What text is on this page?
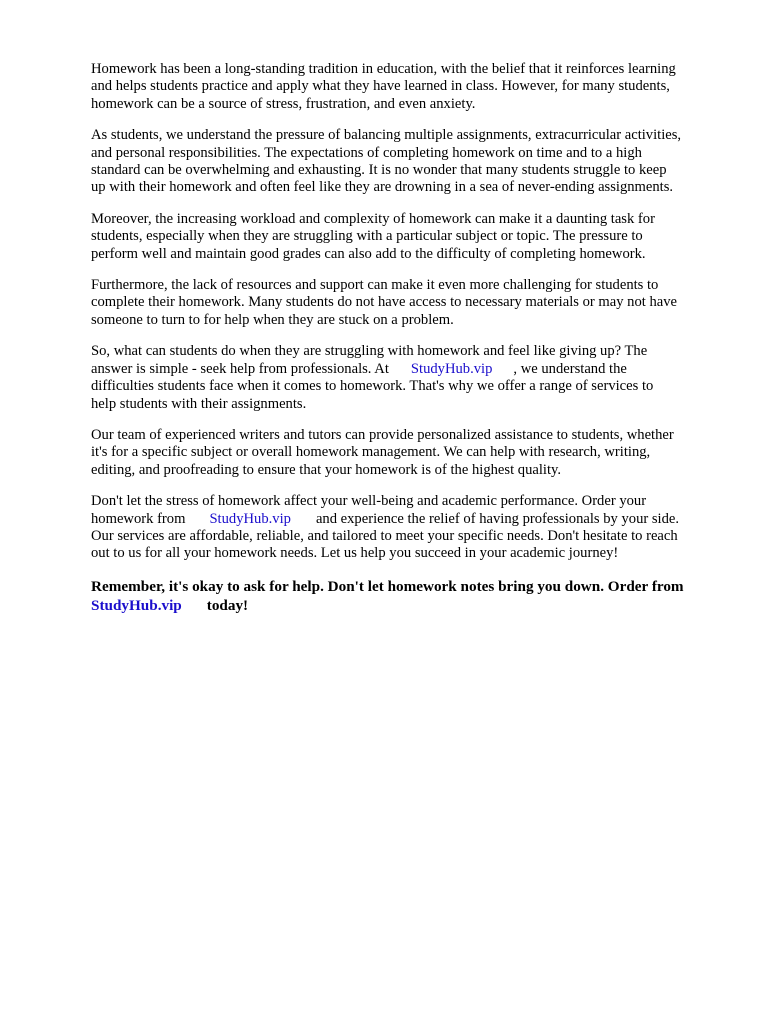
Homework has been a long-standing tradition in education, with the belief that it reinforces learning
and helps students practice and apply what they have learned in class. However, for many students,
homework can be a source of stress, frustration, and even anxiety.

As students, we understand the pressure of balancing multiple assignments, extracurricular activities,
and personal responsibilities. The expectations of completing homework on time and to a high
standard can be overwhelming and exhausting. It is no wonder that many students struggle to keep
up with their homework and often feel like they are drowning in a sea of never-ending assignments.

Moreover, the increasing workload and complexity of homework can make it a daunting task for
students, especially when they are struggling with a particular subject or topic. The pressure to
perform well and maintain good grades can also add to the difficulty of completing homework.

Furthermore, the lack of resources and support can make it even more challenging for students to
complete their homework. Many students do not have access to necessary materials or may not have
someone to turn to for help when they are stuck on a problem.

So, what can students do when they are struggling with homework and feel like giving up? The
answer is simple - seek help from professionals. At StudyHub.vip , we understand the
difficulties students face when it comes to homework. That's why we offer a range of services to
help students with their assignments.

Our team of experienced writers and tutors can provide personalized assistance to students, whether
it's for a specific subject or overall homework management. We can help with research, writing,
editing, and proofreading to ensure that your homework is of the highest quality.

Don't let the stress of homework affect your well-being and academic performance. Order your
homework from StudyHub.vip and experience the relief of having professionals by your side.
Our services are affordable, reliable, and tailored to meet your specific needs. Don't hesitate to reach
out to us for all your homework needs. Let us help you succeed in your academic journey!

Remember, it's okay to ask for help. Don't let homework notes bring you down. Order from
StudyHub.vip today!
